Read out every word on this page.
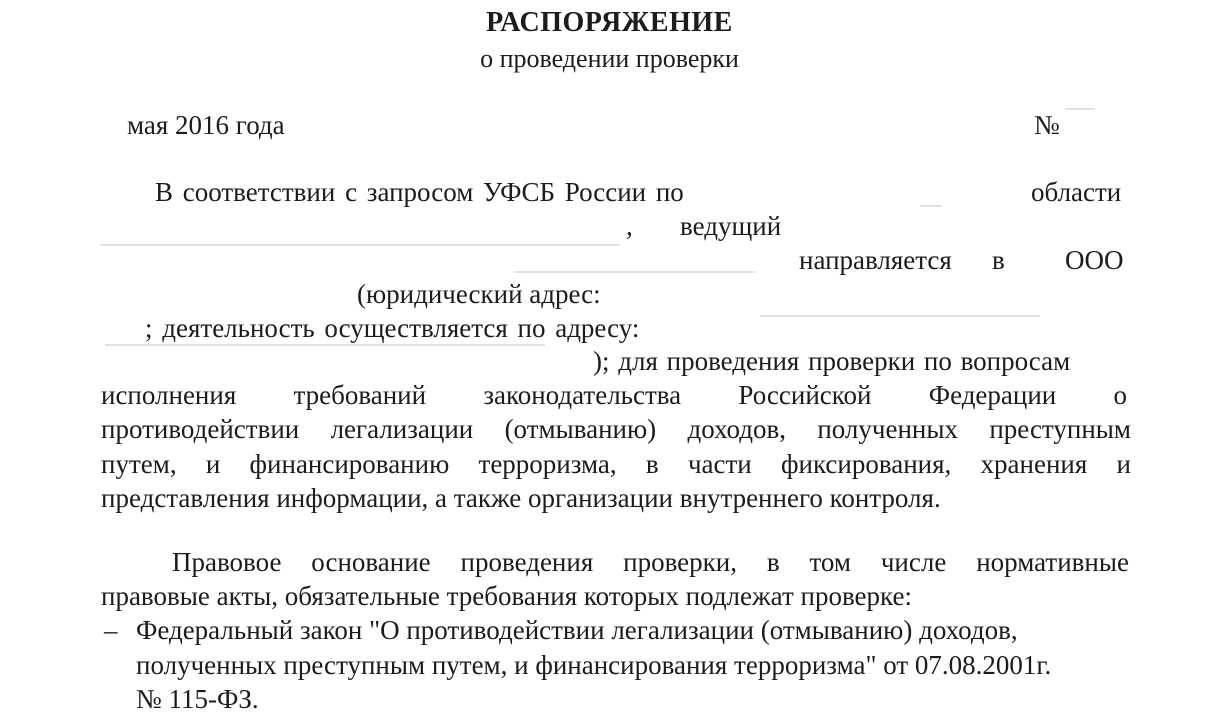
РАСПОРЯЖЕНИЕ
о проведении проверки
мая 2016 года	№
В соответствии с запросом УФСБ России по	области
, ведущий
направляется в ООО
(юридический адрес:
; деятельность осуществляется по адресу:
); для проведения проверки по вопросам
исполнения требований законодательства Российской Федерации о
противодействии легализации (отмыванию) доходов, полученных преступным
путем, и финансированию терроризма, в части фиксирования, хранения и
представления информации, а также организации внутреннего контроля.
Правовое основание проведения проверки, в том числе нормативные
правовые акты, обязательные требования которых подлежат проверке:
– Федеральный закон "О противодействии легализации (отмыванию) доходов,
полученных преступным путем, и финансирования терроризма" от 07.08.2001г.
№ 115-ФЗ.
